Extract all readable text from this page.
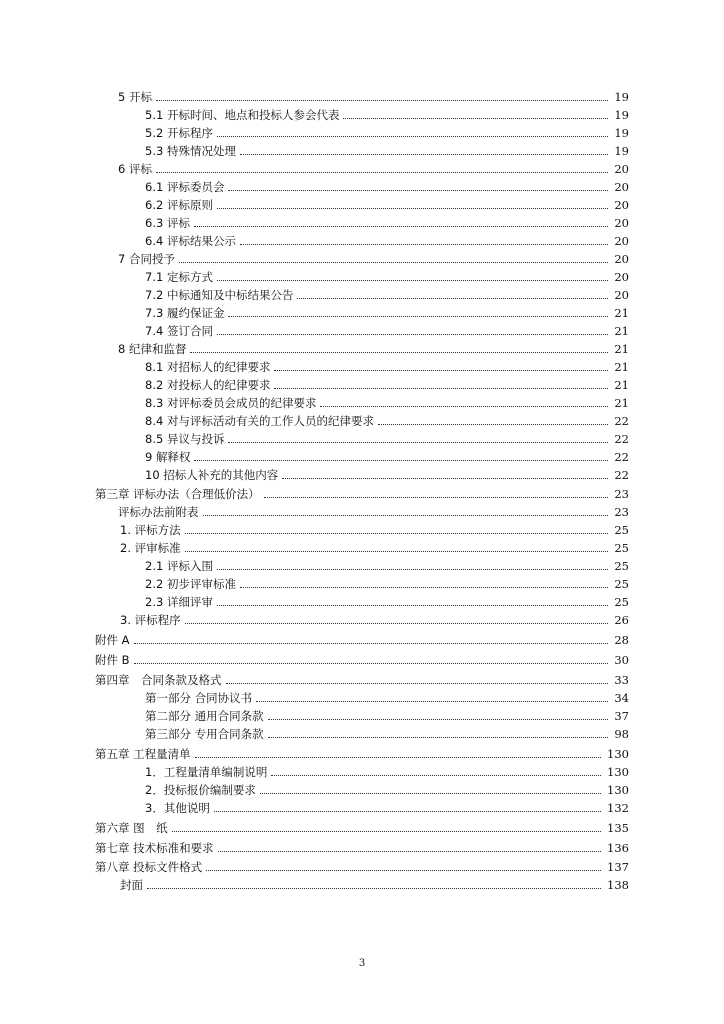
5 开标	19
5.1 开标时间、地点和投标人参会代表	19
5.2 开标程序	19
5.3 特殊情况处理	19
6 评标	20
6.1 评标委员会	20
6.2 评标原则	20
6.3 评标	20
6.4 评标结果公示	20
7 合同授予	20
7.1 定标方式	20
7.2 中标通知及中标结果公告	20
7.3 履约保证金	21
7.4 签订合同	21
8 纪律和监督	21
8.1 对招标人的纪律要求	21
8.2 对投标人的纪律要求	21
8.3 对评标委员会成员的纪律要求	21
8.4 对与评标活动有关的工作人员的纪律要求	22
8.5 异议与投诉	22
9 解释权	22
10 招标人补充的其他内容	22
第三章 评标办法（合理低价法）	23
评标办法前附表	23
1. 评标方法	25
2. 评审标准	25
2.1 评标入围	25
2.2 初步评审标准	25
2.3 详细评审	25
3. 评标程序	26
附件 A	28
附件 B	30
第四章　合同条款及格式	33
第一部分 合同协议书	34
第二部分 通用合同条款	37
第三部分 专用合同条款	98
第五章 工程量清单	130
1．工程量清单编制说明	130
2．投标报价编制要求	130
3．其他说明	132
第六章 图　纸	135
第七章 技术标准和要求	136
第八章 投标文件格式	137
封面	138
3
